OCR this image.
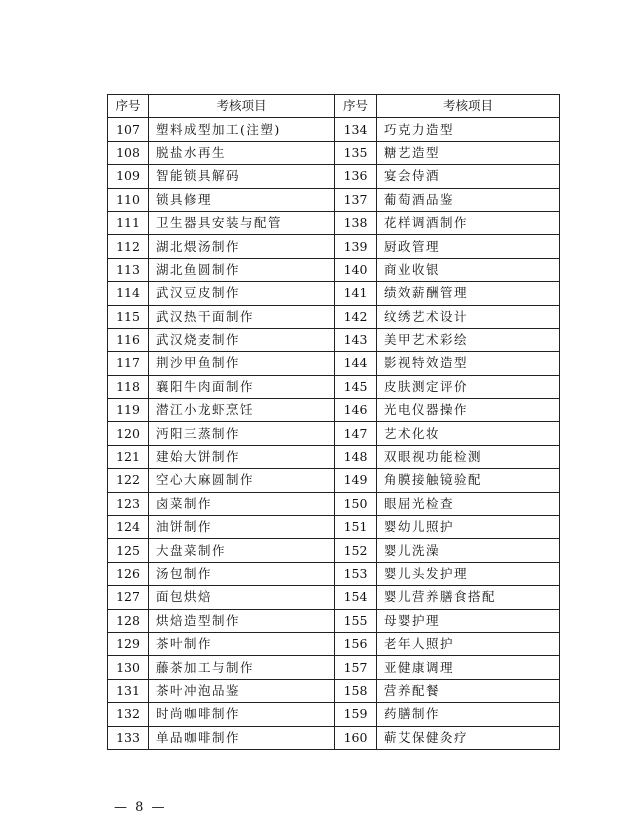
序号	考核项目	序号	考核项目
107	塑料成型加工(注塑)	134	巧克力造型
108	脱盐水再生	135	糖艺造型
109	智能锁具解码	136	宴会侍酒
110	锁具修理	137	葡萄酒品鉴
111	卫生器具安装与配管	138	花样调酒制作
112	湖北煨汤制作	139	厨政管理
113	湖北鱼圆制作	140	商业收银
114	武汉豆皮制作	141	绩效薪酬管理
115	武汉热干面制作	142	纹绣艺术设计
116	武汉烧麦制作	143	美甲艺术彩绘
117	荆沙甲鱼制作	144	影视特效造型
118	襄阳牛肉面制作	145	皮肤测定评价
119	潜江小龙虾烹饪	146	光电仪器操作
120	沔阳三蒸制作	147	艺术化妆
121	建始大饼制作	148	双眼视功能检测
122	空心大麻圆制作	149	角膜接触镜验配
123	卤菜制作	150	眼屈光检查
124	油饼制作	151	婴幼儿照护
125	大盘菜制作	152	婴儿洗澡
126	汤包制作	153	婴儿头发护理
127	面包烘焙	154	婴儿营养膳食搭配
128	烘焙造型制作	155	母婴护理
129	茶叶制作	156	老年人照护
130	藤茶加工与制作	157	亚健康调理
131	茶叶冲泡品鉴	158	营养配餐
132	时尚咖啡制作	159	药膳制作
133	单品咖啡制作	160	蕲艾保健灸疗
— 8 —
